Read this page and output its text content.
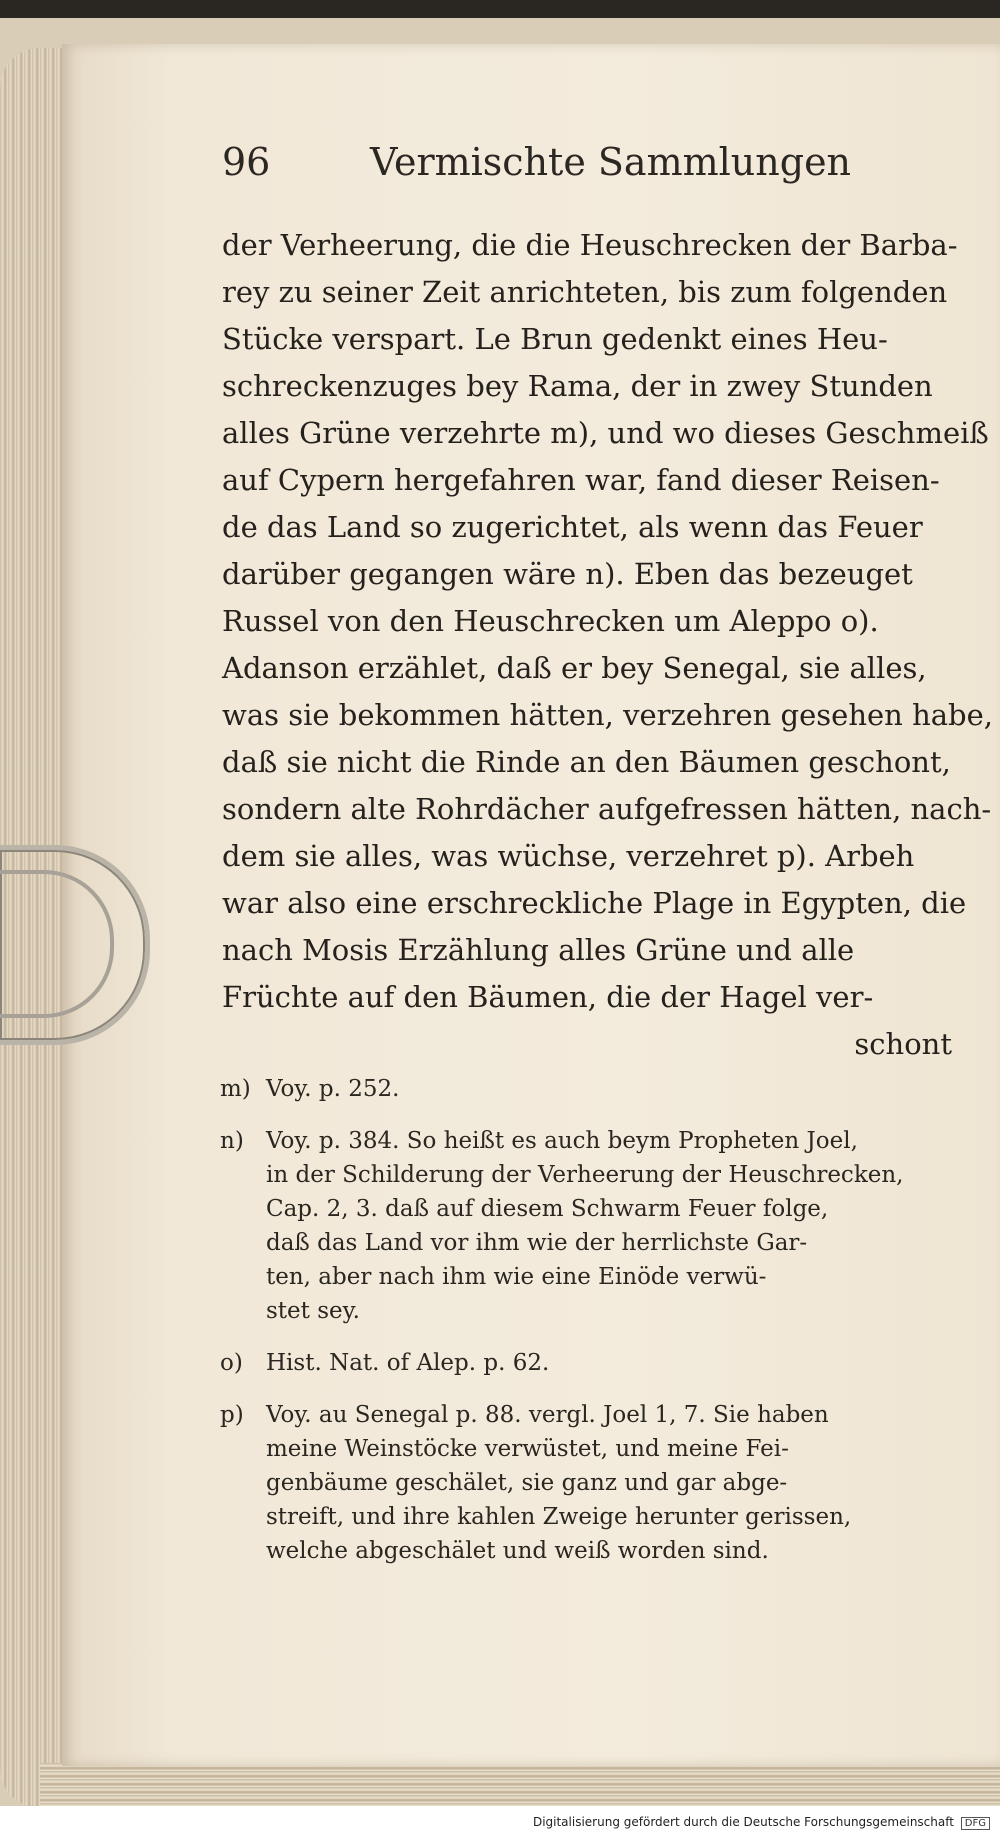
96	Vermischte Sammlungen
der Verheerung, die die Heuschrecken der Barba-
rey zu seiner Zeit anrichteten, bis zum folgenden
Stücke verspart. Le Brun gedenkt eines Heu-
schreckenzuges bey Rama, der in zwey Stunden
alles Grüne verzehrte m), und wo dieses Geschmeiß
auf Cypern hergefahren war, fand dieser Reisen-
de das Land so zugerichtet, als wenn das Feuer
darüber gegangen wäre n). Eben das bezeuget
Russel von den Heuschrecken um Aleppo o).
Adanson erzählet, daß er bey Senegal, sie alles,
was sie bekommen hätten, verzehren gesehen habe,
daß sie nicht die Rinde an den Bäumen geschont,
sondern alte Rohrdächer aufgefressen hätten, nach-
dem sie alles, was wüchse, verzehret p). Arbeh
war also eine erschreckliche Plage in Egypten, die
nach Mosis Erzählung alles Grüne und alle
Früchte auf den Bäumen, die der Hagel ver-
schont
m) Voy. p. 252.
n) Voy. p. 384. So heißt es auch beym Propheten Joel,
in der Schilderung der Verheerung der Heuschrecken,
Cap. 2, 3. daß auf diesem Schwarm Feuer folge,
daß das Land vor ihm wie der herrlichste Gar-
ten, aber nach ihm wie eine Einöde verwü-
stet sey.
o) Hist. Nat. of Alep. p. 62.
p) Voy. au Senegal p. 88. vergl. Joel 1, 7. Sie haben
meine Weinstöcke verwüstet, und meine Fei-
genbäume geschälet, sie ganz und gar abge-
streift, und ihre kahlen Zweige herunter gerissen,
welche abgeschälet und weiß worden sind.
Digitalisierung gefördert durch die Deutsche Forschungsgemeinschaft DFG
